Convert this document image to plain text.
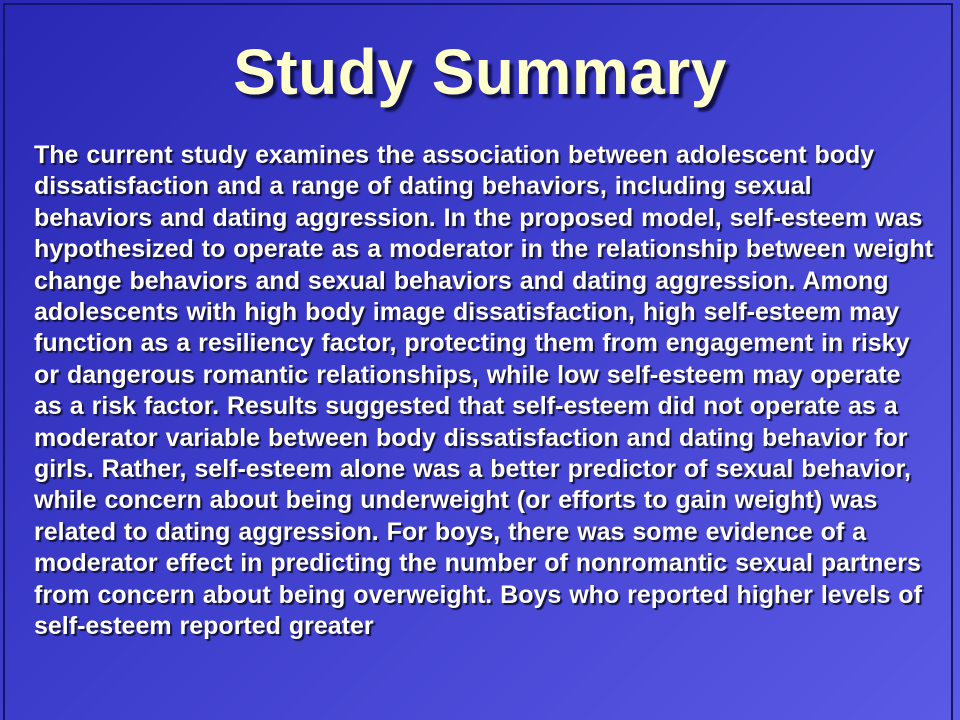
Study Summary

The current study examines the association between adolescent body dissatisfaction and a range of dating behaviors, including sexual behaviors and dating aggression. In the proposed model, self-esteem was hypothesized to operate as a moderator in the relationship between weight change behaviors and sexual behaviors and dating aggression. Among adolescents with high body image dissatisfaction, high self-esteem may function as a resiliency factor, protecting them from engagement in risky or dangerous romantic relationships, while low self-esteem may operate as a risk factor. Results suggested that self-esteem did not operate as a moderator variable between body dissatisfaction and dating behavior for girls. Rather, self-esteem alone was a better predictor of sexual behavior, while concern about being underweight (or efforts to gain weight) was related to dating aggression. For boys, there was some evidence of a moderator effect in predicting the number of nonromantic sexual partners from concern about being overweight. Boys who reported higher levels of self-esteem reported greater
